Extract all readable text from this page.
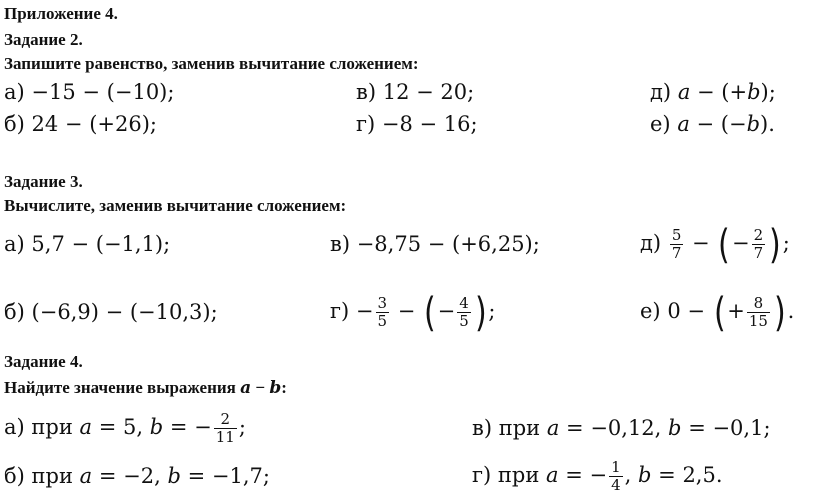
Приложение 4.
Задание 2.
Запишите равенство, заменив вычитание сложением:
а) −15 − (−10);	в) 12 − 20;	д) a − (+b);
б) 24 − (+26);	г) −8 − 16;	е) a − (−b).
Задание 3.
Вычислите, заменив вычитание сложением:
а) 5,7 − (−1,1);	в) −8,75 − (+6,25);	$д) \frac{5}{7}$ − (− $\frac{2}{7}$ );
б) (−6,9) − (−10,3);	$г) - \frac{3}{5}$ − (− $\frac{4}{5}$ );	е) 0 − (+ $\frac{8}{15}$ ).
Задание 4.
Найдите значение выражения a − b:
а) при a = 5, b = − $\frac{2}{11}$ ;	в) при a = −0,12, b = −0,1;
б) при a = −2, b = −1,7;	г) при a = − $\frac{1}{4}$ , b = 2,5.
